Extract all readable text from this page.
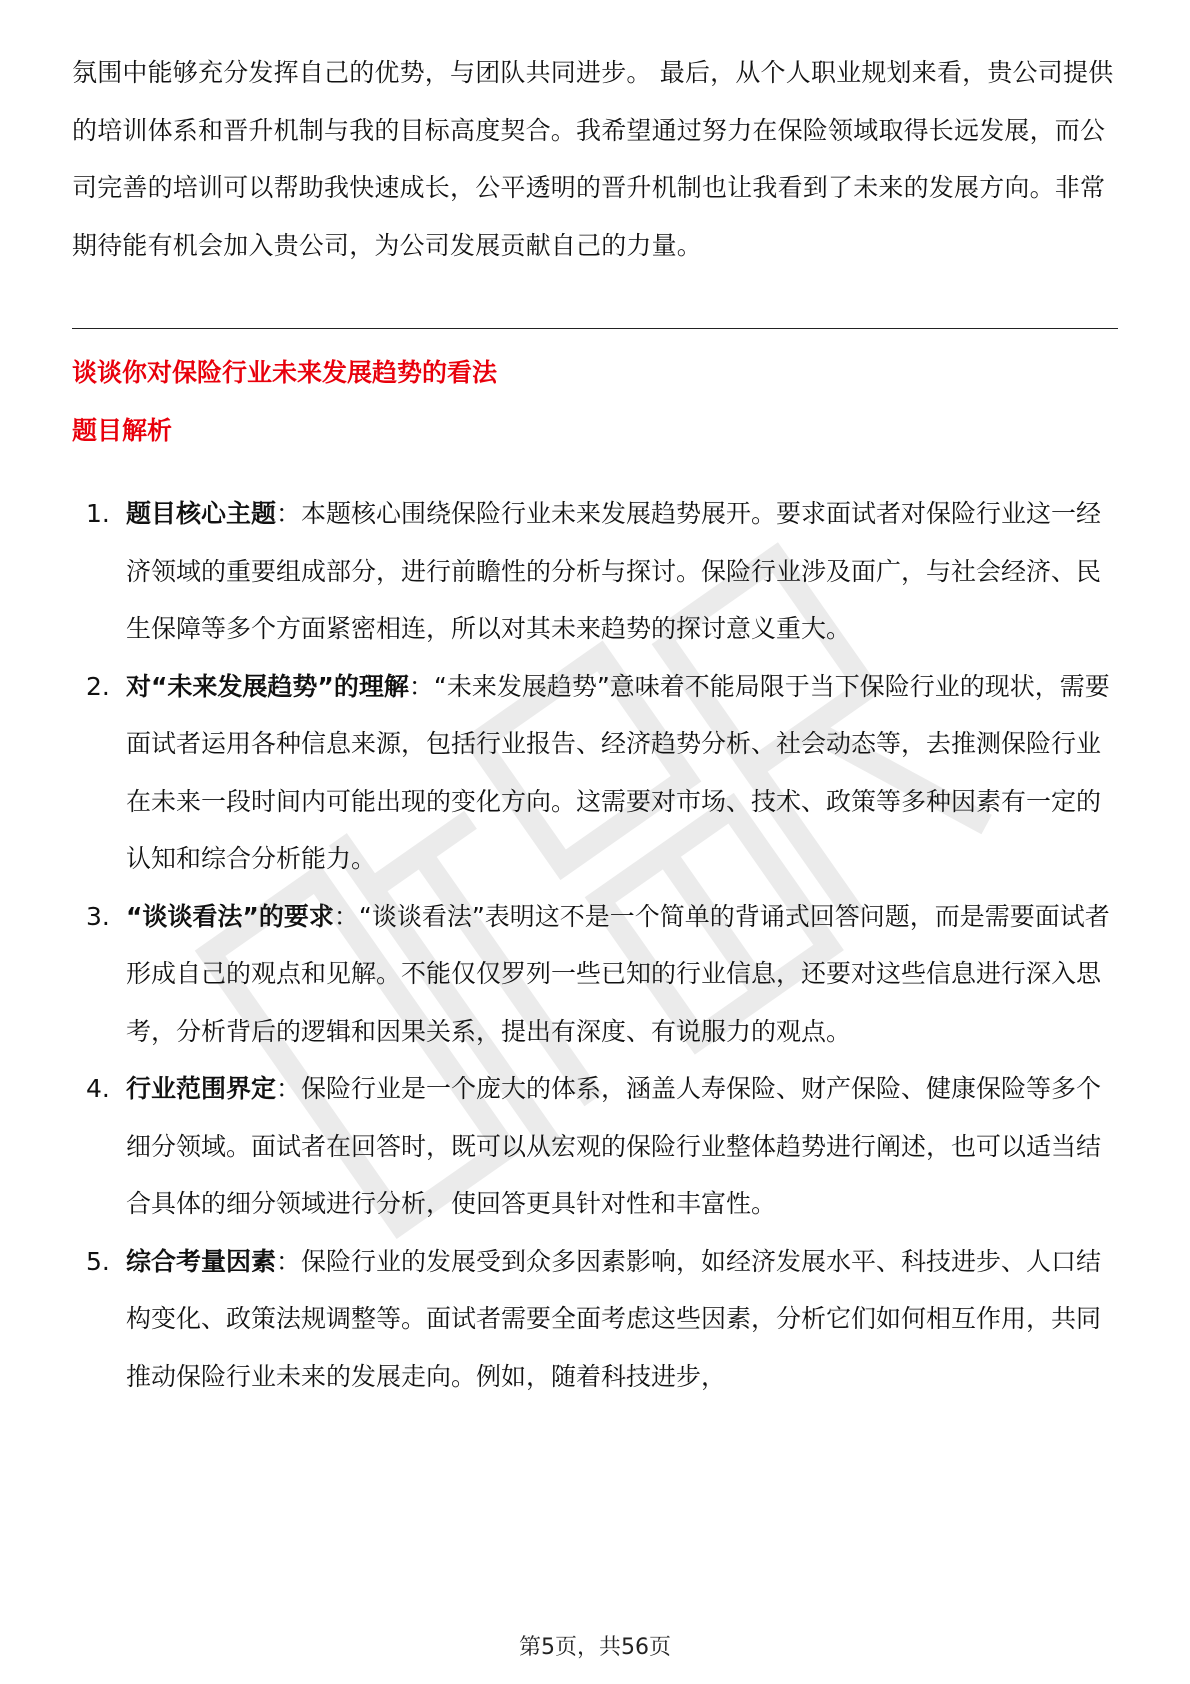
氛围中能够充分发挥自己的优势，与团队共同进步。 最后，从个人职业规划来看，贵公司提供的培训体系和晋升机制与我的目标高度契合。我希望通过努力在保险领域取得长远发展，而公司完善的培训可以帮助我快速成长，公平透明的晋升机制也让我看到了未来的发展方向。非常期待能有机会加入贵公司，为公司发展贡献自己的力量。

谈谈你对保险行业未来发展趋势的看法
题目解析
1. 题目核心主题：本题核心围绕保险行业未来发展趋势展开。要求面试者对保险行业这一经济领域的重要组成部分，进行前瞻性的分析与探讨。保险行业涉及面广，与社会经济、民生保障等多个方面紧密相连，所以对其未来趋势的探讨意义重大。
2. 对“未来发展趋势”的理解：“未来发展趋势”意味着不能局限于当下保险行业的现状，需要面试者运用各种信息来源，包括行业报告、经济趋势分析、社会动态等，去推测保险行业在未来一段时间内可能出现的变化方向。这需要对市场、技术、政策等多种因素有一定的认知和综合分析能力。
3. “谈谈看法”的要求：“谈谈看法”表明这不是一个简单的背诵式回答问题，而是需要面试者形成自己的观点和见解。不能仅仅罗列一些已知的行业信息，还要对这些信息进行深入思考，分析背后的逻辑和因果关系，提出有深度、有说服力的观点。
4. 行业范围界定：保险行业是一个庞大的体系，涵盖人寿保险、财产保险、健康保险等多个细分领域。面试者在回答时，既可以从宏观的保险行业整体趋势进行阐述，也可以适当结合具体的细分领域进行分析，使回答更具针对性和丰富性。
5. 综合考量因素：保险行业的发展受到众多因素影响，如经济发展水平、科技进步、人口结构变化、政策法规调整等。面试者需要全面考虑这些因素，分析它们如何相互作用，共同推动保险行业未来的发展走向。例如，随着科技进步，
第5页，共56页
